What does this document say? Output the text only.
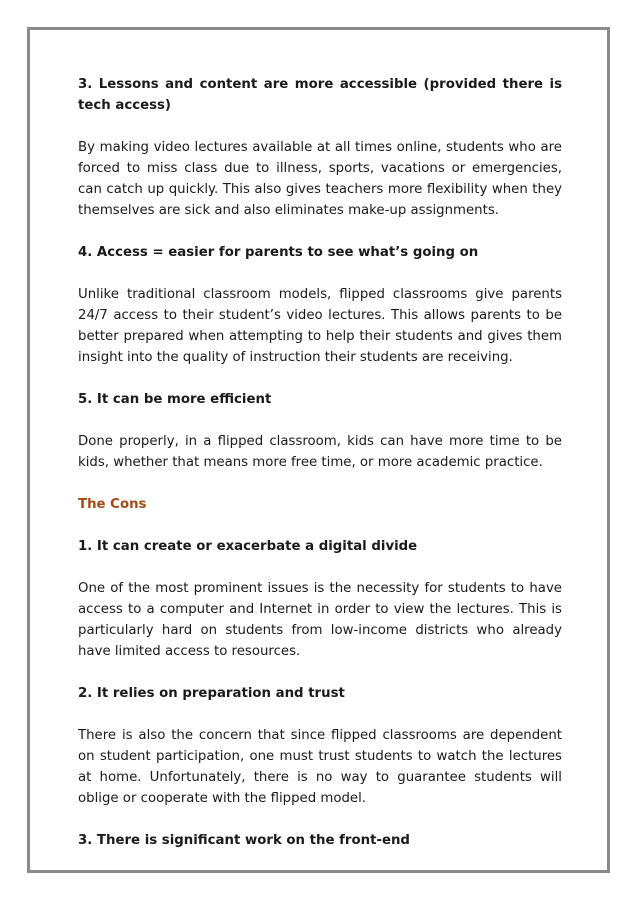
3. Lessons and content are more accessible (provided there is tech access)
By making video lectures available at all times online, students who are forced to miss class due to illness, sports, vacations or emergencies, can catch up quickly. This also gives teachers more flexibility when they themselves are sick and also eliminates make-up assignments.
4. Access = easier for parents to see what’s going on
Unlike traditional classroom models, flipped classrooms give parents 24/7 access to their student’s video lectures. This allows parents to be better prepared when attempting to help their students and gives them insight into the quality of instruction their students are receiving.
5. It can be more efficient
Done properly, in a flipped classroom, kids can have more time to be kids, whether that means more free time, or more academic practice.
The Cons
1. It can create or exacerbate a digital divide
One of the most prominent issues is the necessity for students to have access to a computer and Internet in order to view the lectures. This is particularly hard on students from low-income districts who already have limited access to resources.
2. It relies on preparation and trust
There is also the concern that since flipped classrooms are dependent on student participation, one must trust students to watch the lectures at home. Unfortunately, there is no way to guarantee students will oblige or cooperate with the flipped model.
3. There is significant work on the front-end
